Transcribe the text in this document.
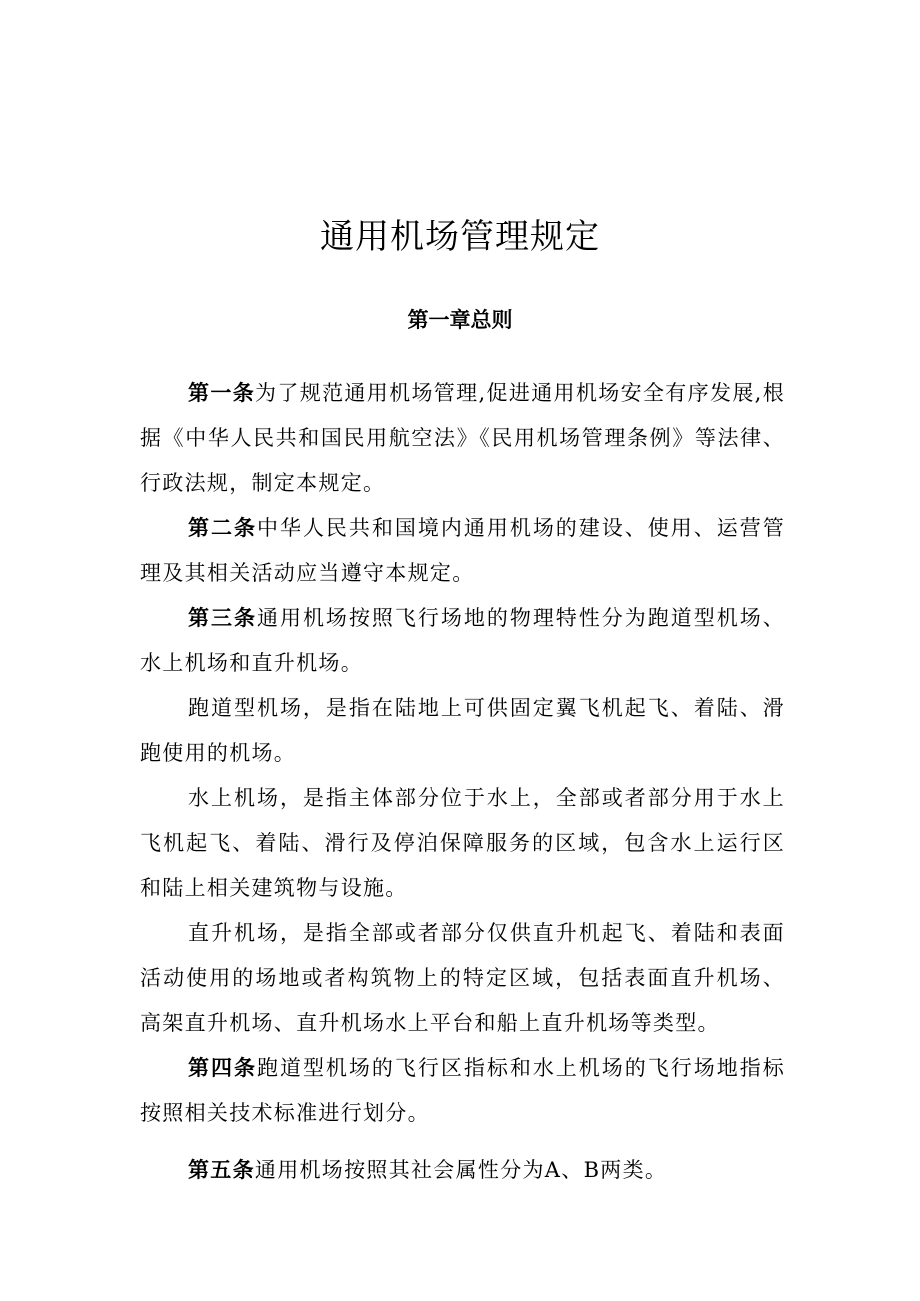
通用机场管理规定
第一章总则

第一条为了规范通用机场管理,促进通用机场安全有序发展,根据《中华人民共和国民用航空法》《民用机场管理条例》等法律、行政法规，制定本规定。

第二条中华人民共和国境内通用机场的建设、使用、运营管理及其相关活动应当遵守本规定。

第三条通用机场按照飞行场地的物理特性分为跑道型机场、水上机场和直升机场。

跑道型机场，是指在陆地上可供固定翼飞机起飞、着陆、滑跑使用的机场。

水上机场，是指主体部分位于水上，全部或者部分用于水上飞机起飞、着陆、滑行及停泊保障服务的区域，包含水上运行区和陆上相关建筑物与设施。

直升机场，是指全部或者部分仅供直升机起飞、着陆和表面活动使用的场地或者构筑物上的特定区域，包括表面直升机场、高架直升机场、直升机场水上平台和船上直升机场等类型。

第四条跑道型机场的飞行区指标和水上机场的飞行场地指标按照相关技术标准进行划分。

第五条通用机场按照其社会属性分为A、B两类。
